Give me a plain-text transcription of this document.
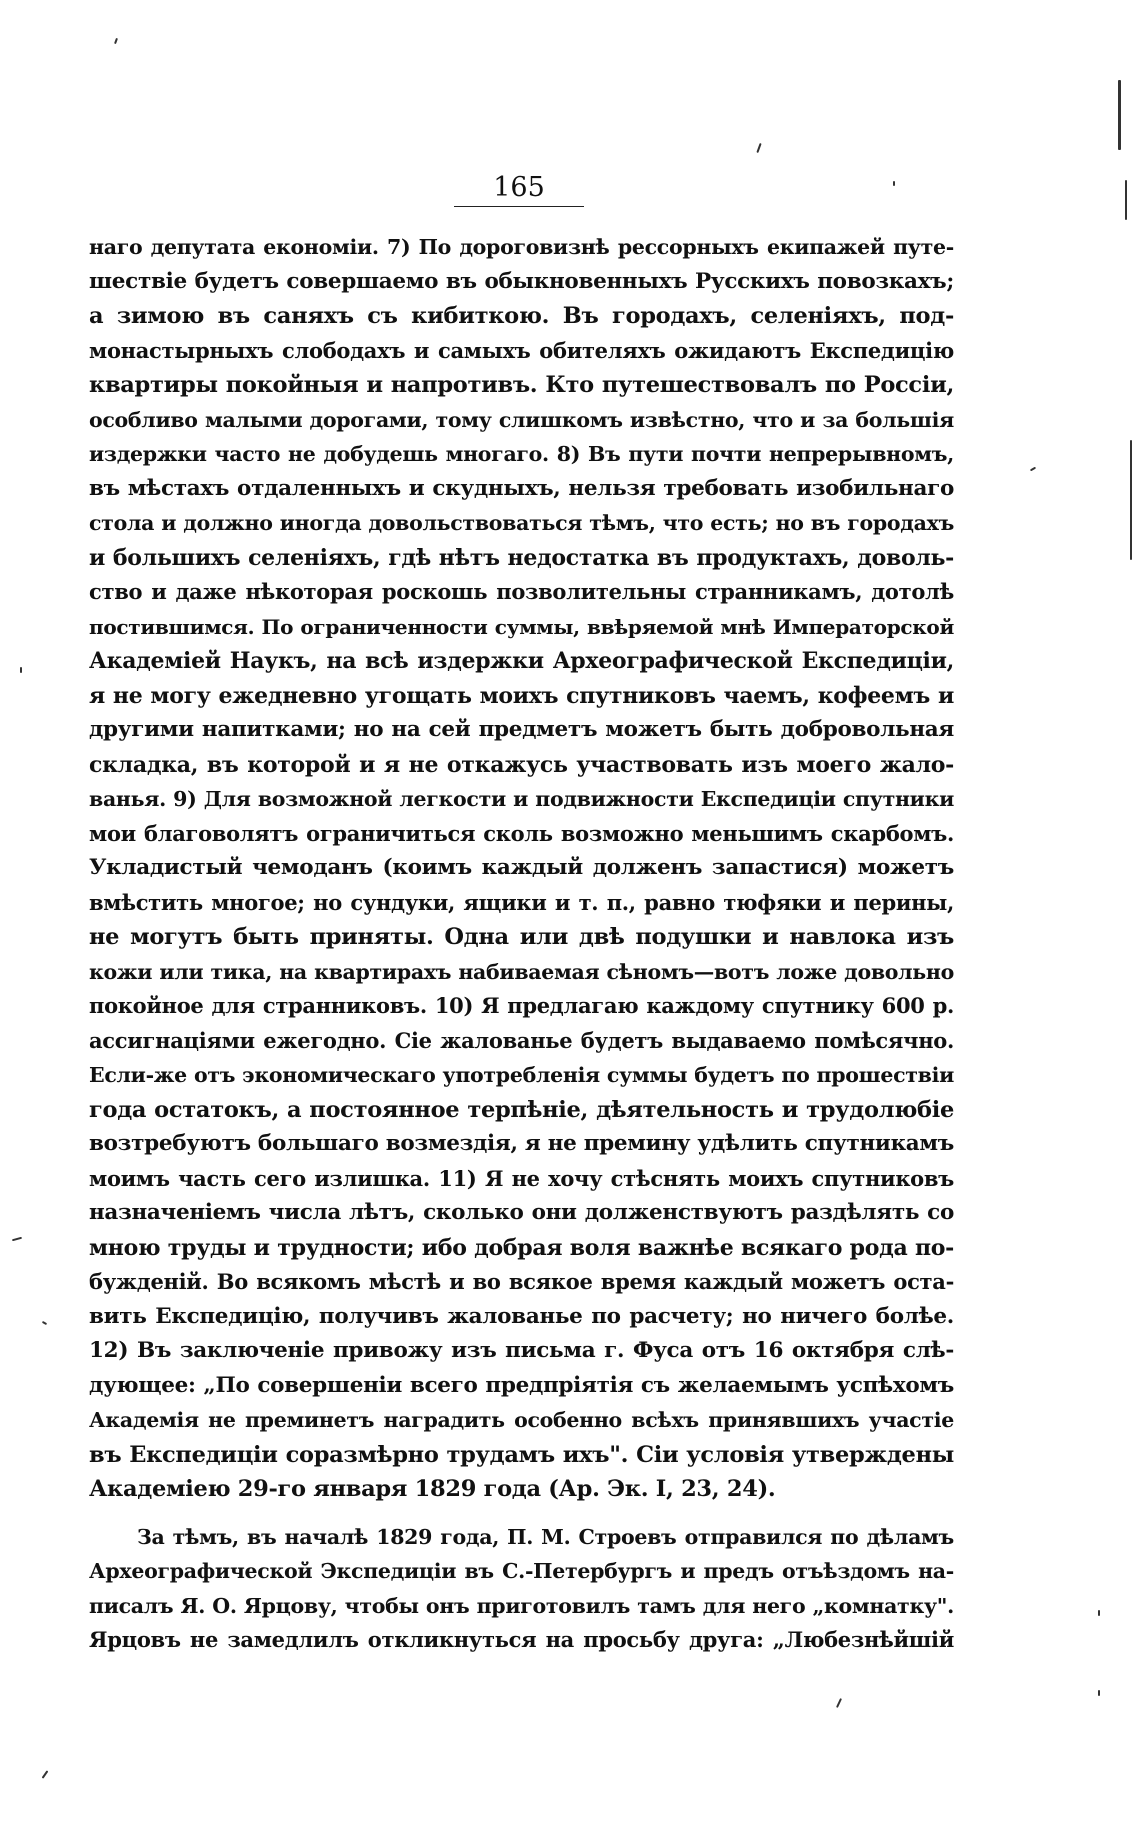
165
наго депутата економіи. 7) По дороговизнѣ рессорныхъ екипажей путе-
шествіе будетъ совершаемо въ обыкновенныхъ Русскихъ повозкахъ;
а зимою въ саняхъ съ кибиткою. Въ городахъ, селеніяхъ, под-
монастырныхъ слободахъ и самыхъ обителяхъ ожидаютъ Експедицію
квартиры покойныя и напротивъ. Кто путешествовалъ по Россіи,
особливо малыми дорогами, тому слишкомъ извѣстно, что и за большія
издержки часто не добудешь многаго. 8) Въ пути почти непрерывномъ,
въ мѣстахъ отдаленныхъ и скудныхъ, нельзя требовать изобильнаго
стола и должно иногда довольствоваться тѣмъ, что есть; но въ городахъ
и большихъ селеніяхъ, гдѣ нѣтъ недостатка въ продуктахъ, доволь-
ство и даже нѣкоторая роскошь позволительны странникамъ, дотолѣ
постившимся. По ограниченности суммы, ввѣряемой мнѣ Императорской
Академіей Наукъ, на всѣ издержки Археографической Експедиціи,
я не могу ежедневно угощать моихъ спутниковъ чаемъ, кофеемъ и
другими напитками; но на сей предметъ можетъ быть добровольная
складка, въ которой и я не откажусь участвовать изъ моего жало-
ванья. 9) Для возможной легкости и подвижности Експедиціи спутники
мои благоволятъ ограничиться сколь возможно меньшимъ скарбомъ.
Укладистый чемоданъ (коимъ каждый долженъ запастися) можетъ
вмѣстить многое; но сундуки, ящики и т. п., равно тюфяки и перины,
не могутъ быть приняты. Одна или двѣ подушки и навлока изъ
кожи или тика, на квартирахъ набиваемая сѣномъ—вотъ ложе довольно
покойное для странниковъ. 10) Я предлагаю каждому спутнику 600 р.
ассигнаціями ежегодно. Сіе жалованье будетъ выдаваемо помѣсячно.
Если-же отъ экономическаго употребленія суммы будетъ по прошествіи
года остатокъ, а постоянное терпѣніе, дѣятельность и трудолюбіе
возтребуютъ большаго возмездія, я не премину удѣлить спутникамъ
моимъ часть сего излишка. 11) Я не хочу стѣснять моихъ спутниковъ
назначеніемъ числа лѣтъ, сколько они долженствуютъ раздѣлять со
мною труды и трудности; ибо добрая воля важнѣе всякаго рода по-
бужденій. Во всякомъ мѣстѣ и во всякое время каждый можетъ оста-
вить Експедицію, получивъ жалованье по расчету; но ничего болѣе.
12) Въ заключеніе привожу изъ письма г. Фуса отъ 16 октября слѣ-
дующее: „По совершеніи всего предпріятія съ желаемымъ успѣхомъ
Академія не преминетъ наградить особенно всѣхъ принявшихъ участіе
въ Експедиціи соразмѣрно трудамъ ихъ". Сіи условія утверждены
Академіею 29-го января 1829 года (Ар. Эк. I, 23, 24).
За тѣмъ, въ началѣ 1829 года, П. М. Строевъ отправился по дѣламъ
Археографической Экспедиціи въ С.-Петербургъ и предъ отъѣздомъ на-
писалъ Я. О. Ярцову, чтобы онъ приготовилъ тамъ для него „комнатку".
Ярцовъ не замедлилъ откликнуться на просьбу друга: „Любезнѣйшій
